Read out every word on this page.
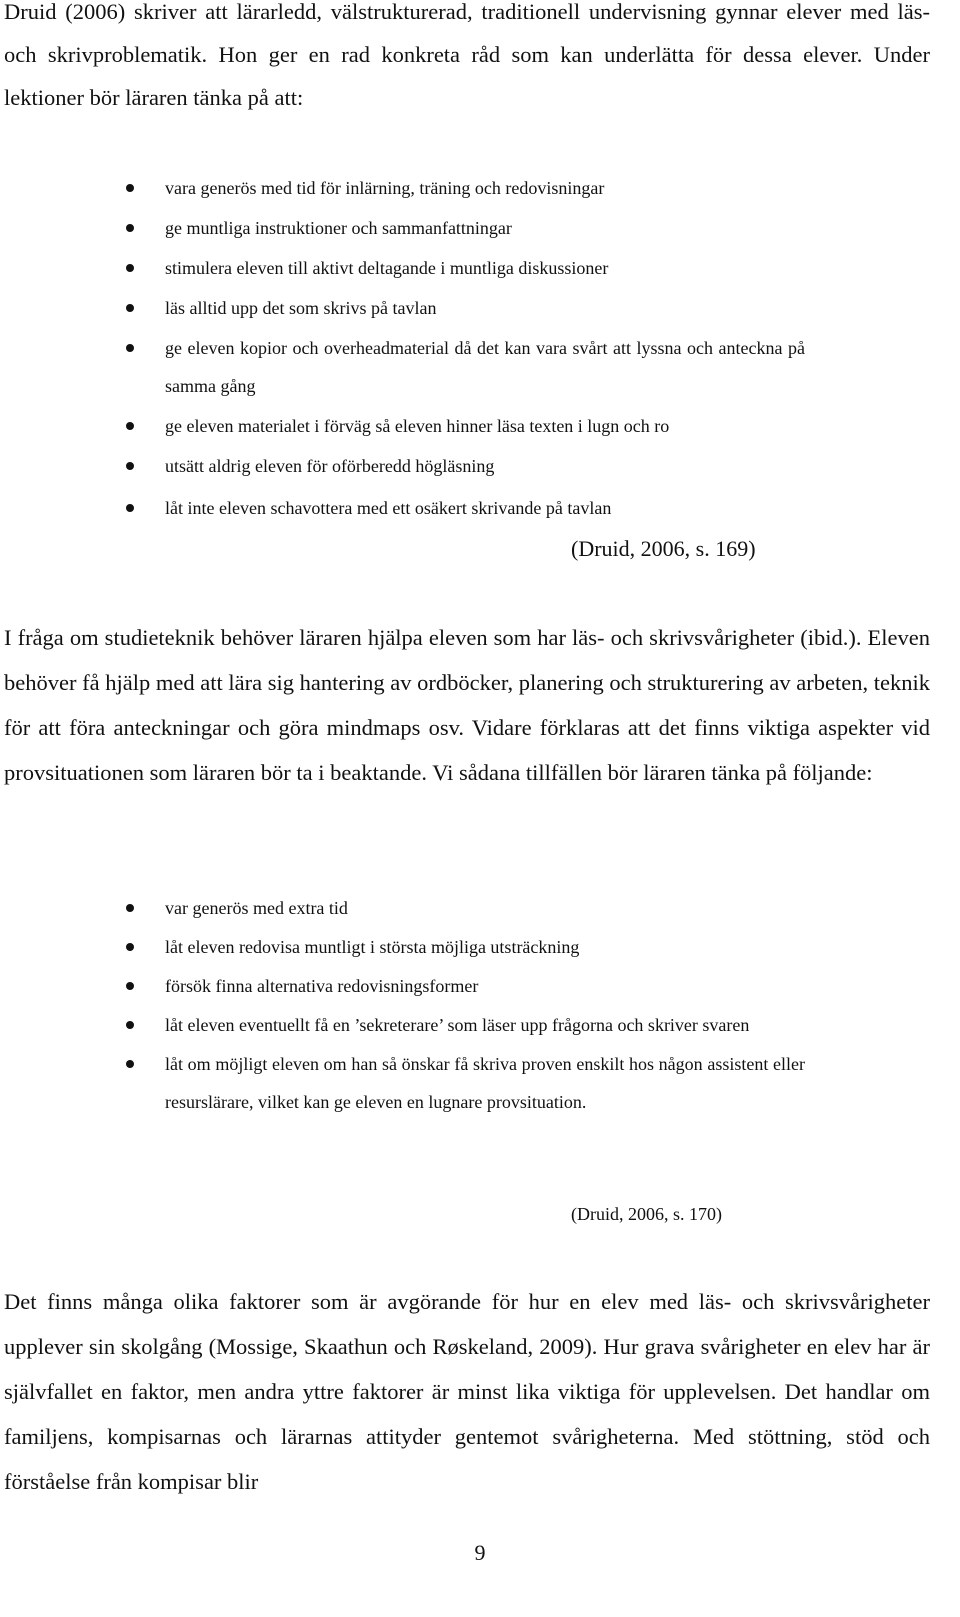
Druid (2006) skriver att lärarledd, välstrukturerad, traditionell undervisning gynnar elever med läs- och skrivproblematik. Hon ger en rad konkreta råd som kan underlätta för dessa elever. Under lektioner bör läraren tänka på att:

vara generös med tid för inlärning, träning och redovisningar
ge muntliga instruktioner och sammanfattningar
stimulera eleven till aktivt deltagande i muntliga diskussioner
läs alltid upp det som skrivs på tavlan
ge eleven kopior och overheadmaterial då det kan vara svårt att lyssna och anteckna på samma gång
ge eleven materialet i förväg så eleven hinner läsa texten i lugn och ro
utsätt aldrig eleven för oförberedd högläsning
låt inte eleven schavottera med ett osäkert skrivande på tavlan
(Druid, 2006, s. 169)

I fråga om studieteknik behöver läraren hjälpa eleven som har läs- och skrivsvårigheter (ibid.). Eleven behöver få hjälp med att lära sig hantering av ordböcker, planering och strukturering av arbeten, teknik för att föra anteckningar och göra mindmaps osv. Vidare förklaras att det finns viktiga aspekter vid provsituationen som läraren bör ta i beaktande. Vi sådana tillfällen bör läraren tänka på följande:

var generös med extra tid
låt eleven redovisa muntligt i största möjliga utsträckning
försök finna alternativa redovisningsformer
låt eleven eventuellt få en ’sekreterare’ som läser upp frågorna och skriver svaren
låt om möjligt eleven om han så önskar få skriva proven enskilt hos någon assistent eller resurslärare, vilket kan ge eleven en lugnare provsituation.
(Druid, 2006, s. 170)

Det finns många olika faktorer som är avgörande för hur en elev med läs- och skrivsvårigheter upplever sin skolgång (Mossige, Skaathun och Røskeland, 2009). Hur grava svårigheter en elev har är självfallet en faktor, men andra yttre faktorer är minst lika viktiga för upplevelsen. Det handlar om familjens, kompisarnas och lärarnas attityder gentemot svårigheterna. Med stöttning, stöd och förståelse från kompisar blir

9
